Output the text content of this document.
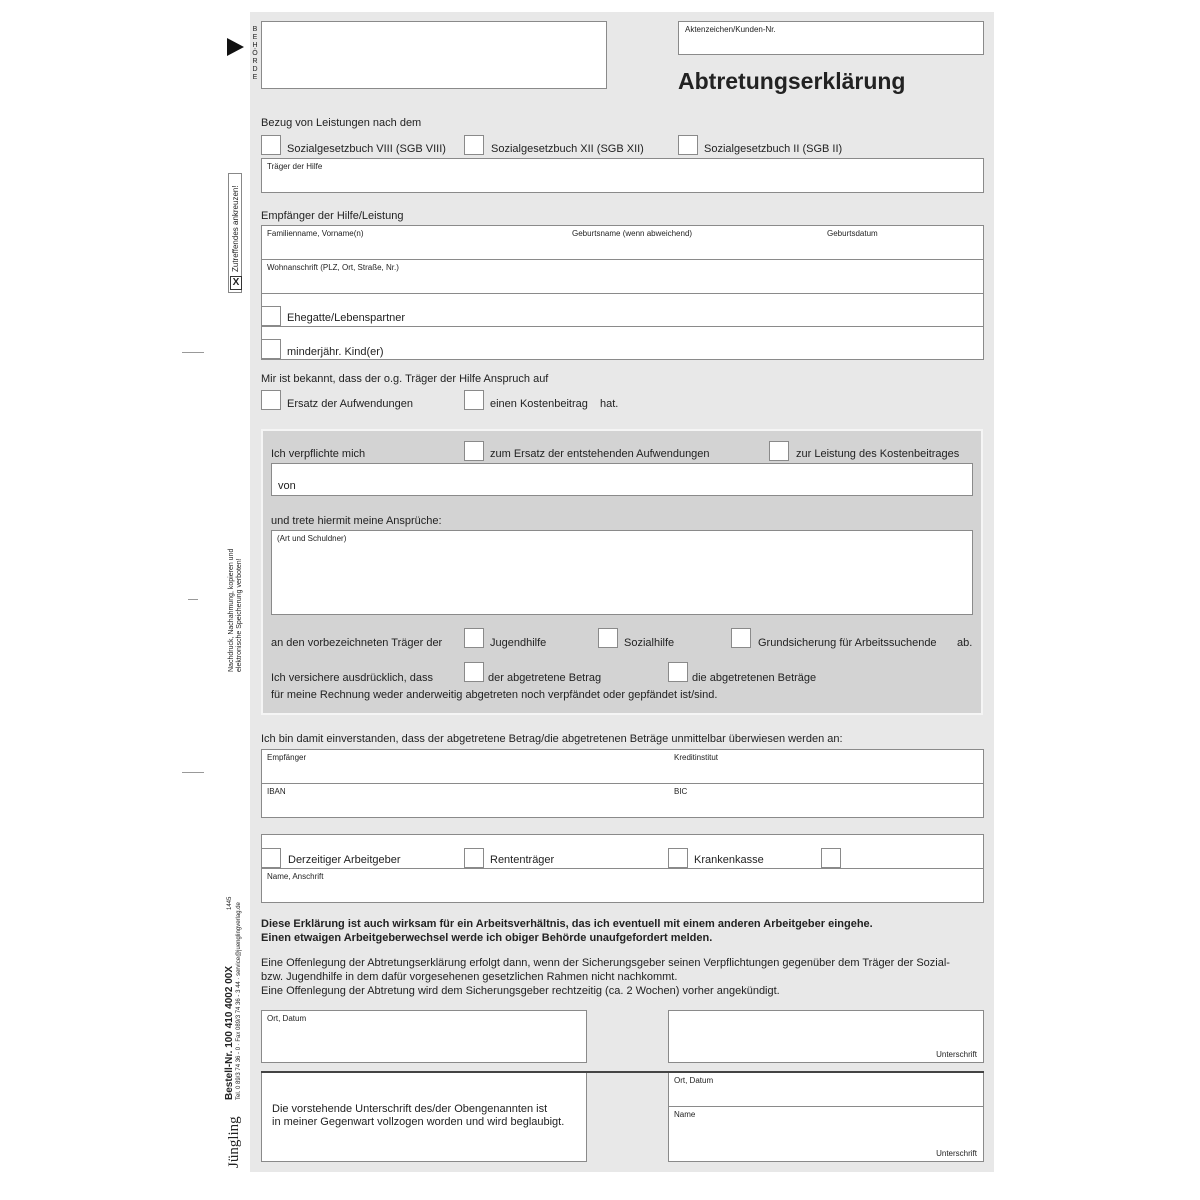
X
Zutreffendes ankreuzen!
Nachdruck, Nachahmung, kopieren und elektronische Speicherung verboten!
Jüngling
Bestell-Nr. 100 410 4002 00X Tel. 0 89/3 74 36 - 0 · Fax 089/3 74 36 - 3 44 · service@juenglingverlag.de
1445
BEHÖRDE
Aktenzeichen/Kunden-Nr.
Abtretungserklärung
Bezug von Leistungen nach dem
Sozialgesetzbuch VIII (SGB VIII)	Sozialgesetzbuch XII (SGB XII)	Sozialgesetzbuch II (SGB II)
Träger der Hilfe
Empfänger der Hilfe/Leistung
Familienname, Vorname(n)	Geburtsname (wenn abweichend)	Geburtsdatum
Wohnanschrift (PLZ, Ort, Straße, Nr.)
Ehegatte/Lebenspartner
minderjähr. Kind(er)
Mir ist bekannt, dass der o.g. Träger der Hilfe Anspruch auf
Ersatz der Aufwendungen	einen Kostenbeitrag hat.
Ich verpflichte mich	zum Ersatz der entstehenden Aufwendungen	zur Leistung des Kostenbeitrages
von
und trete hiermit meine Ansprüche:
(Art und Schuldner)
an den vorbezeichneten Träger der	Jugendhilfe	Sozialhilfe	Grundsicherung für Arbeitssuchende ab.
Ich versichere ausdrücklich, dass	der abgetretene Betrag	die abgetretenen Beträge
für meine Rechnung weder anderweitig abgetreten noch verpfändet oder gepfändet ist/sind.
Ich bin damit einverstanden, dass der abgetretene Betrag/die abgetretenen Beträge unmittelbar überwiesen werden an:
Empfänger	Kreditinstitut
IBAN	BIC
Name, Anschrift
Derzeitiger Arbeitgeber	Rententräger	Krankenkasse
Diese Erklärung ist auch wirksam für ein Arbeitsverhältnis, das ich eventuell mit einem anderen Arbeitgeber eingehe.
Einen etwaigen Arbeitgeberwechsel werde ich obiger Behörde unaufgefordert melden.
Eine Offenlegung der Abtretungserklärung erfolgt dann, wenn der Sicherungsgeber seinen Verpflichtungen gegenüber dem Träger der Sozial-
bzw. Jugendhilfe in dem dafür vorgesehenen gesetzlichen Rahmen nicht nachkommt.
Eine Offenlegung der Abtretung wird dem Sicherungsgeber rechtzeitig (ca. 2 Wochen) vorher angekündigt.
Ort, Datum
Unterschrift
Die vorstehende Unterschrift des/der Obengenannten ist
in meiner Gegenwart vollzogen worden und wird beglaubigt.
Ort, Datum
Name
Unterschrift
